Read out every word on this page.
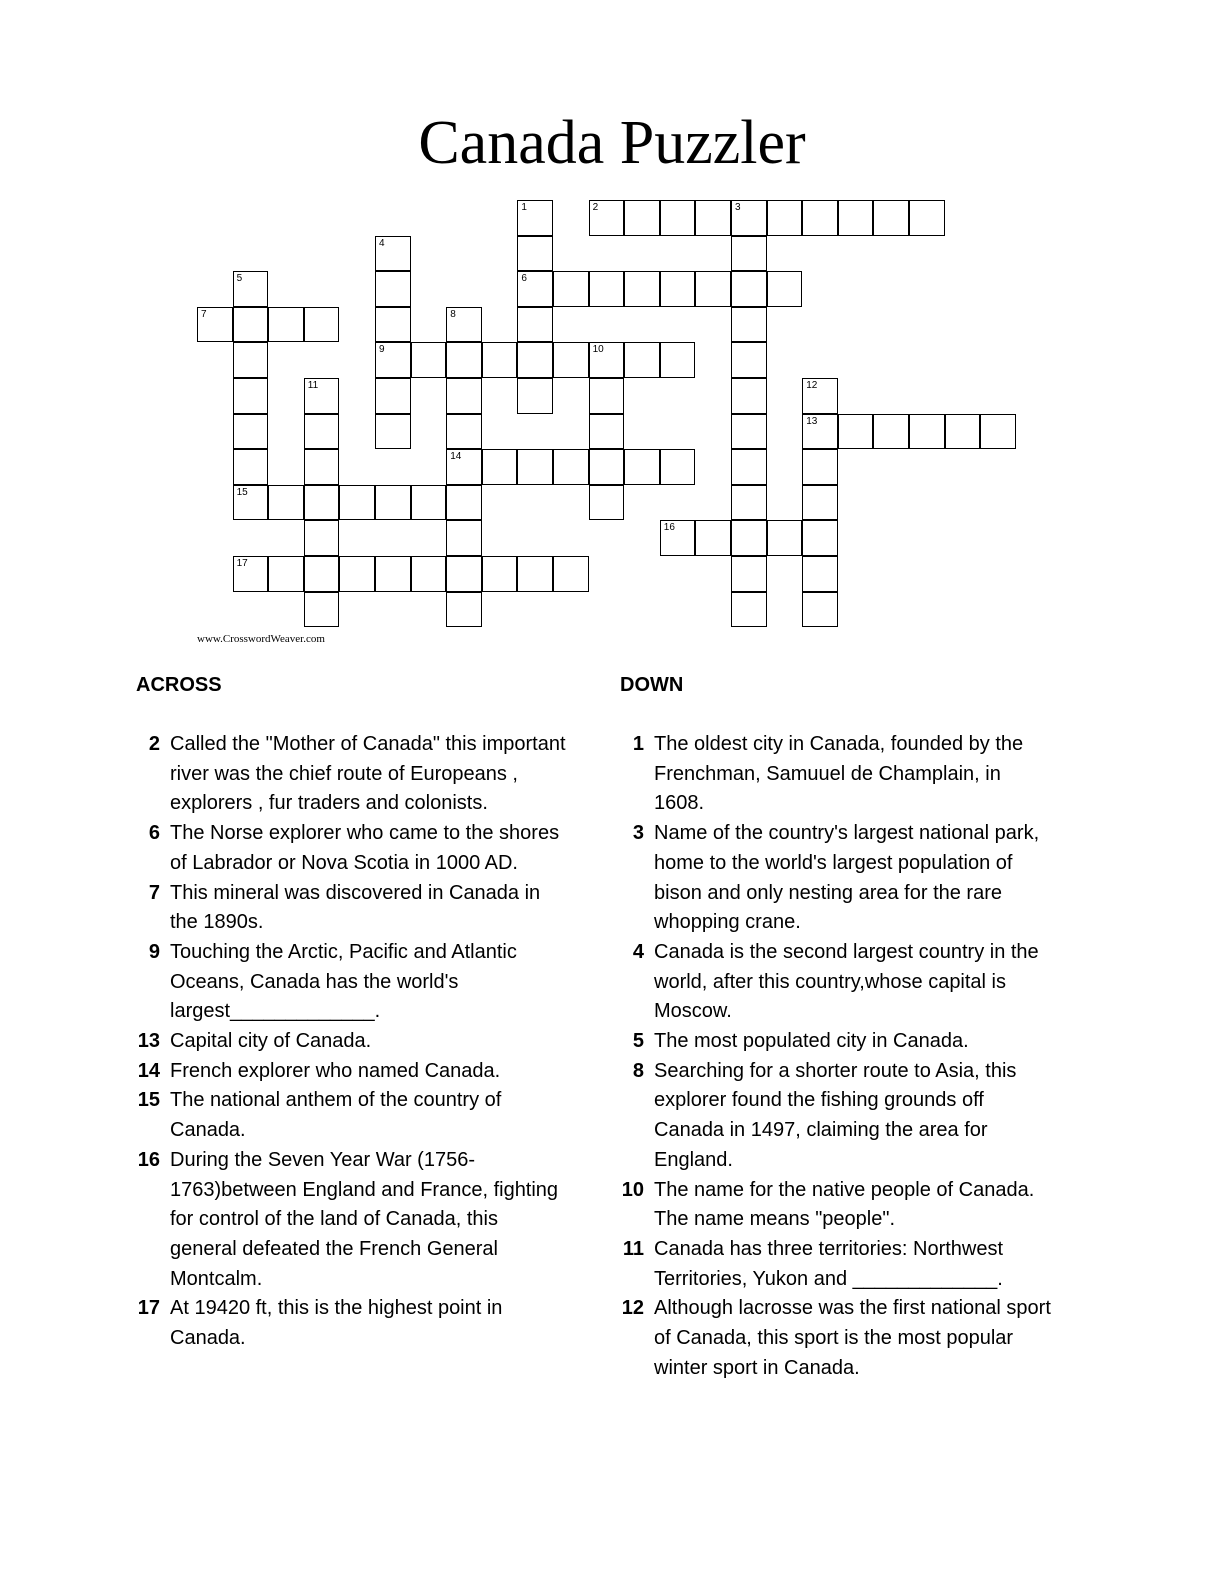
Canada Puzzler
1
6
2	3
4
9
5
15
7	8
14
10
11	12
13
16
17
www.CrosswordWeaver.com
ACROSS	DOWN
2 Called the "Mother of Canada" this important river was the chief route of Europeans , explorers , fur traders and colonists.
6 The Norse explorer who came to the shores of Labrador or Nova Scotia in 1000 AD.
7 This mineral was discovered in Canada in the 1890s.
9 Touching the Arctic, Pacific and Atlantic Oceans, Canada has the world's largest_____________.
13 Capital city of Canada.
14 French explorer who named Canada.
15 The national anthem of the country of Canada.
16 During the Seven Year War (1756-1763)between England and France, fighting for control of the land of Canada, this general defeated the French General Montcalm.
17 At 19420 ft, this is the highest point in Canada.
1 The oldest city in Canada, founded by the Frenchman, Samuuel de Champlain, in 1608.
3 Name of the country's largest national park, home to the world's largest population of bison and only nesting area for the rare whopping crane.
4 Canada is the second largest country in the world, after this country,whose capital is Moscow.
5 The most populated city in Canada.
8 Searching for a shorter route to Asia, this explorer found the fishing grounds off Canada in 1497, claiming the area for England.
10 The name for the native people of Canada. The name means "people".
11 Canada has three territories: Northwest Territories, Yukon and _____________.
12 Although lacrosse was the first national sport of Canada, this sport is the most popular winter sport in Canada.
